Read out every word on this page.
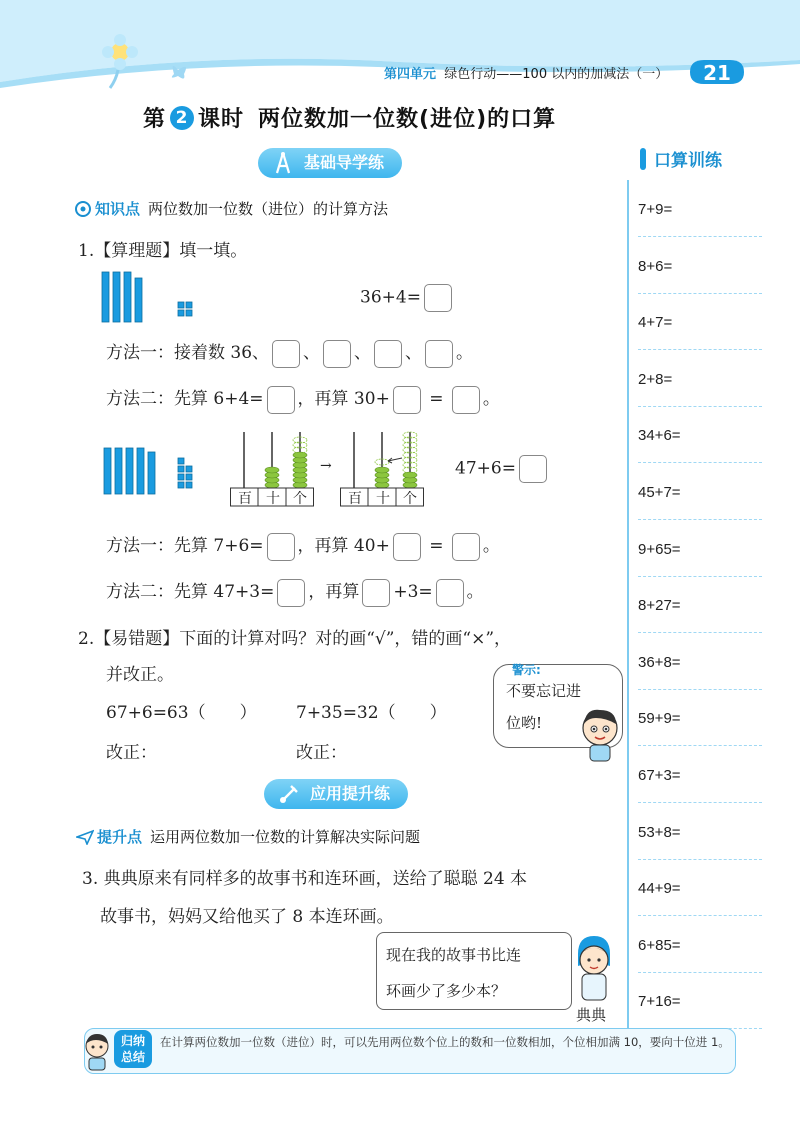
第四单元 绿色行动——100 以内的加减法（一）	21
第 2 课时 两位数加一位数(进位)的口算
基础导学练
知识点 两位数加一位数（进位）的计算方法
1.【算理题】填一填。
36+4=
方法一：接着数 36、 、 、 、 。
方法二：先算 6+4= ，再算 30+ = 。
百 十 个
→
百 十 个
47+6=
方法一：先算 7+6= ，再算 40+ = 。
方法二：先算 47+3= ，再算 +3= 。
2.【易错题】下面的计算对吗？对的画“√”，错的画“×”，
并改正。
67+6=63（　　） 7+35=32（　　）
改正：	改正：
警示:
不要忘记进
位哟!
应用提升练
提升点 运用两位数加一位数的计算解决实际问题
3. 典典原来有同样多的故事书和连环画，送给了聪聪 24 本
故事书，妈妈又给他买了 8 本连环画。
现在我的故事书比连
环画少了多少本？
典典
口算训练
7+9=
8+6=
4+7=
2+8=
34+6=
45+7=
9+65=
8+27=
36+8=
59+9=
67+3=
53+8=
44+9=
6+85=
7+16=
归纳
总结
在计算两位数加一位数（进位）时，可以先用两位数个位上的数和一位数相加，个位相加满 10，要向十位进 1。
